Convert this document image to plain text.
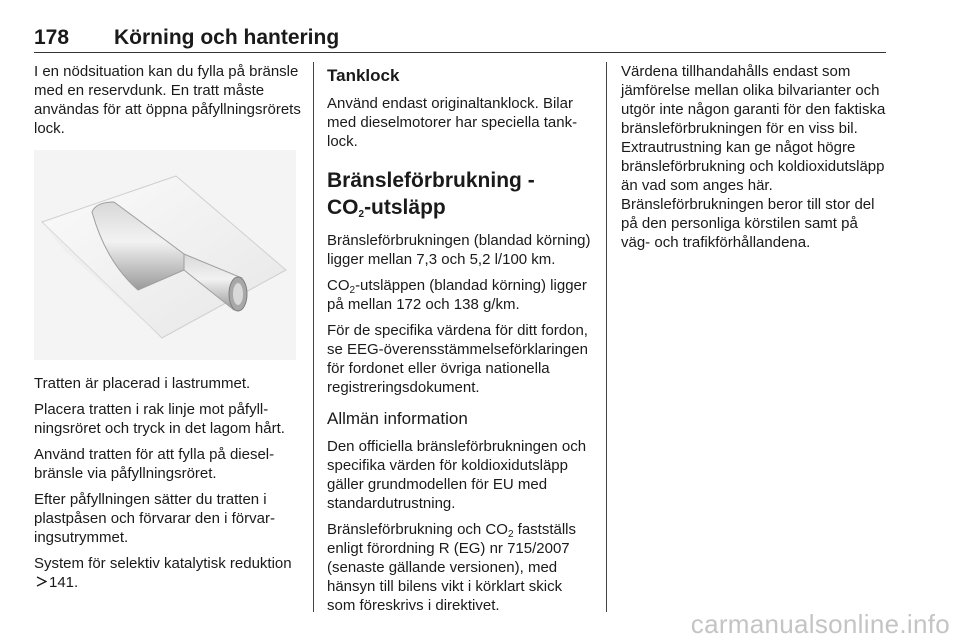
178 Körning och hantering

I en nödsituation kan du fylla på bränsle med en reservdunk. En tratt måste användas för att öppna påfyllningsrörets lock.

Tratten är placerad i lastrummet.

Placera tratten i rak linje mot påfyllningsröret och tryck in det lagom hårt.

Använd tratten för att fylla på dieselbränsle via påfyllningsröret.

Efter påfyllningen sätter du tratten i plastpåsen och förvarar den i förvaringsutrymmet.

System för selektiv katalytisk reduktion 141.

Tanklock

Använd endast originaltanklock. Bilar med dieselmotorer har speciella tanklock.

Bränsleförbrukning -
$CO_2$-utsläpp

Bränsleförbrukningen (blandad körning) ligger mellan 7,3 och 5,2 l/100 km.

$CO_2$-utsläppen (blandad körning) ligger på mellan 172 och 138 g/km.

För de specifika värdena för ditt fordon, se EEG-överensstämmelseförklaringen för fordonet eller övriga nationella registreringsdokument.

Allmän information

Den officiella bränsleförbrukningen och specifika värden för koldioxidutsläpp gäller grundmodellen för EU med standardutrustning.

Bränsleförbrukning och $CO_2$ fastställs enligt förordning R (EG) nr 715/2007 (senaste gällande versionen), med hänsyn till bilens vikt i körklart skick som föreskrivs i direktivet.

Värdena tillhandahålls endast som jämförelse mellan olika bilvarianter och utgör inte någon garanti för den faktiska bränsleförbrukningen för en viss bil. Extrautrustning kan ge något högre bränsleförbrukning och koldioxidutsläpp än vad som anges här. Bränsleförbrukningen beror till stor del på den personliga körstilen samt på väg- och trafikförhållandena.

carmanualsonline.info
